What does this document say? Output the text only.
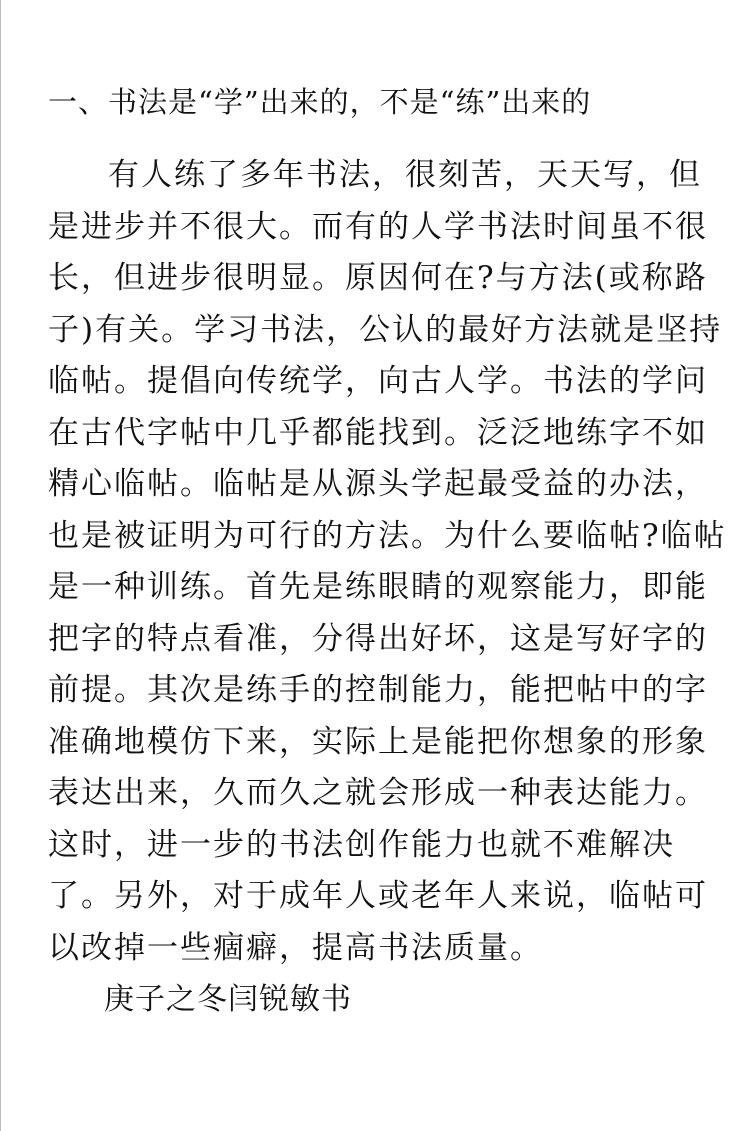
一、书法是“学”出来的，不是“练”出来的

有人练了多年书法，很刻苦，天天写，但
是进步并不很大。而有的人学书法时间虽不很
长，但进步很明显。原因何在?与方法(或称路
子)有关。学习书法，公认的最好方法就是坚持
临帖。提倡向传统学，向古人学。书法的学问
在古代字帖中几乎都能找到。泛泛地练字不如
精心临帖。临帖是从源头学起最受益的办法，
也是被证明为可行的方法。为什么要临帖?临帖
是一种训练。首先是练眼睛的观察能力，即能
把字的特点看准，分得出好坏，这是写好字的
前提。其次是练手的控制能力，能把帖中的字
准确地模仿下来，实际上是能把你想象的形象
表达出来，久而久之就会形成一种表达能力。
这时，进一步的书法创作能力也就不难解决
了。另外，对于成年人或老年人来说，临帖可
以改掉一些痼癖，提高书法质量。

庚子之冬闫锐敏书
